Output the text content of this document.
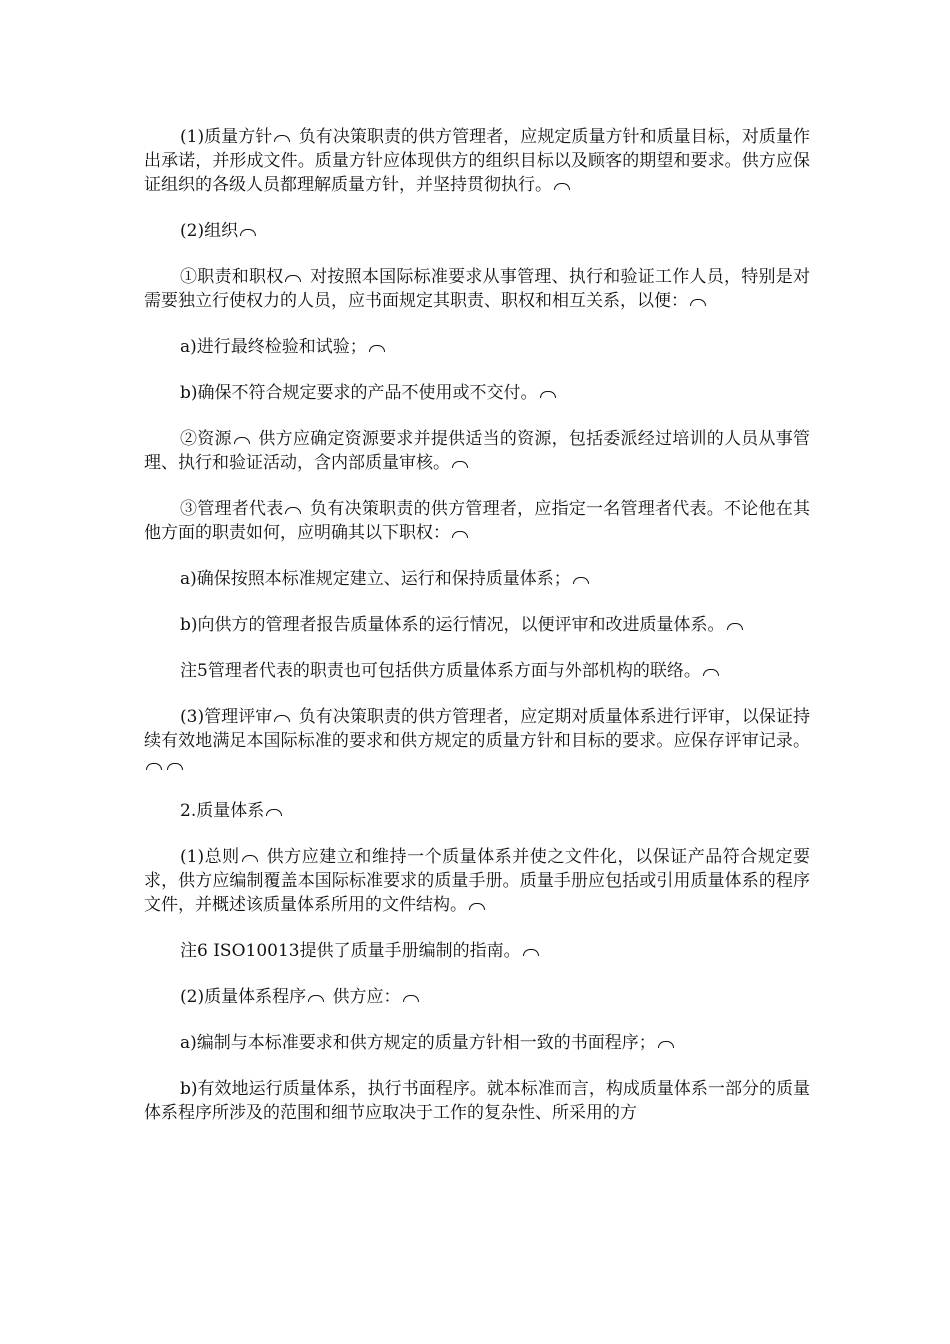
(1)质量方针 负有决策职责的供方管理者，应规定质量方针和质量目标，对质量作出承诺，并形成文件。质量方针应体现供方的组织目标以及顾客的期望和要求。供方应保证组织的各级人员都理解质量方针，并坚持贯彻执行。

(2)组织

①职责和职权 对按照本国际标准要求从事管理、执行和验证工作人员，特别是对需要独立行使权力的人员，应书面规定其职责、职权和相互关系，以便：

a)进行最终检验和试验；

b)确保不符合规定要求的产品不使用或不交付。

②资源 供方应确定资源要求并提供适当的资源，包括委派经过培训的人员从事管理、执行和验证活动，含内部质量审核。

③管理者代表 负有决策职责的供方管理者，应指定一名管理者代表。不论他在其他方面的职责如何，应明确其以下职权：

a)确保按照本标准规定建立、运行和保持质量体系；

b)向供方的管理者报告质量体系的运行情况，以便评审和改进质量体系。

注5管理者代表的职责也可包括供方质量体系方面与外部机构的联络。

(3)管理评审 负有决策职责的供方管理者，应定期对质量体系进行评审，以保证持续有效地满足本国际标准的要求和供方规定的质量方针和目标的要求。应保存评审记录。

2.质量体系

(1)总则 供方应建立和维持一个质量体系并使之文件化，以保证产品符合规定要求，供方应编制覆盖本国际标准要求的质量手册。质量手册应包括或引用质量体系的程序文件，并概述该质量体系所用的文件结构。

注6 ISO10013提供了质量手册编制的指南。

(2)质量体系程序 供方应：

a)编制与本标准要求和供方规定的质量方针相一致的书面程序；

b)有效地运行质量体系，执行书面程序。就本标准而言，构成质量体系一部分的质量体系程序所涉及的范围和细节应取决于工作的复杂性、所采用的方
